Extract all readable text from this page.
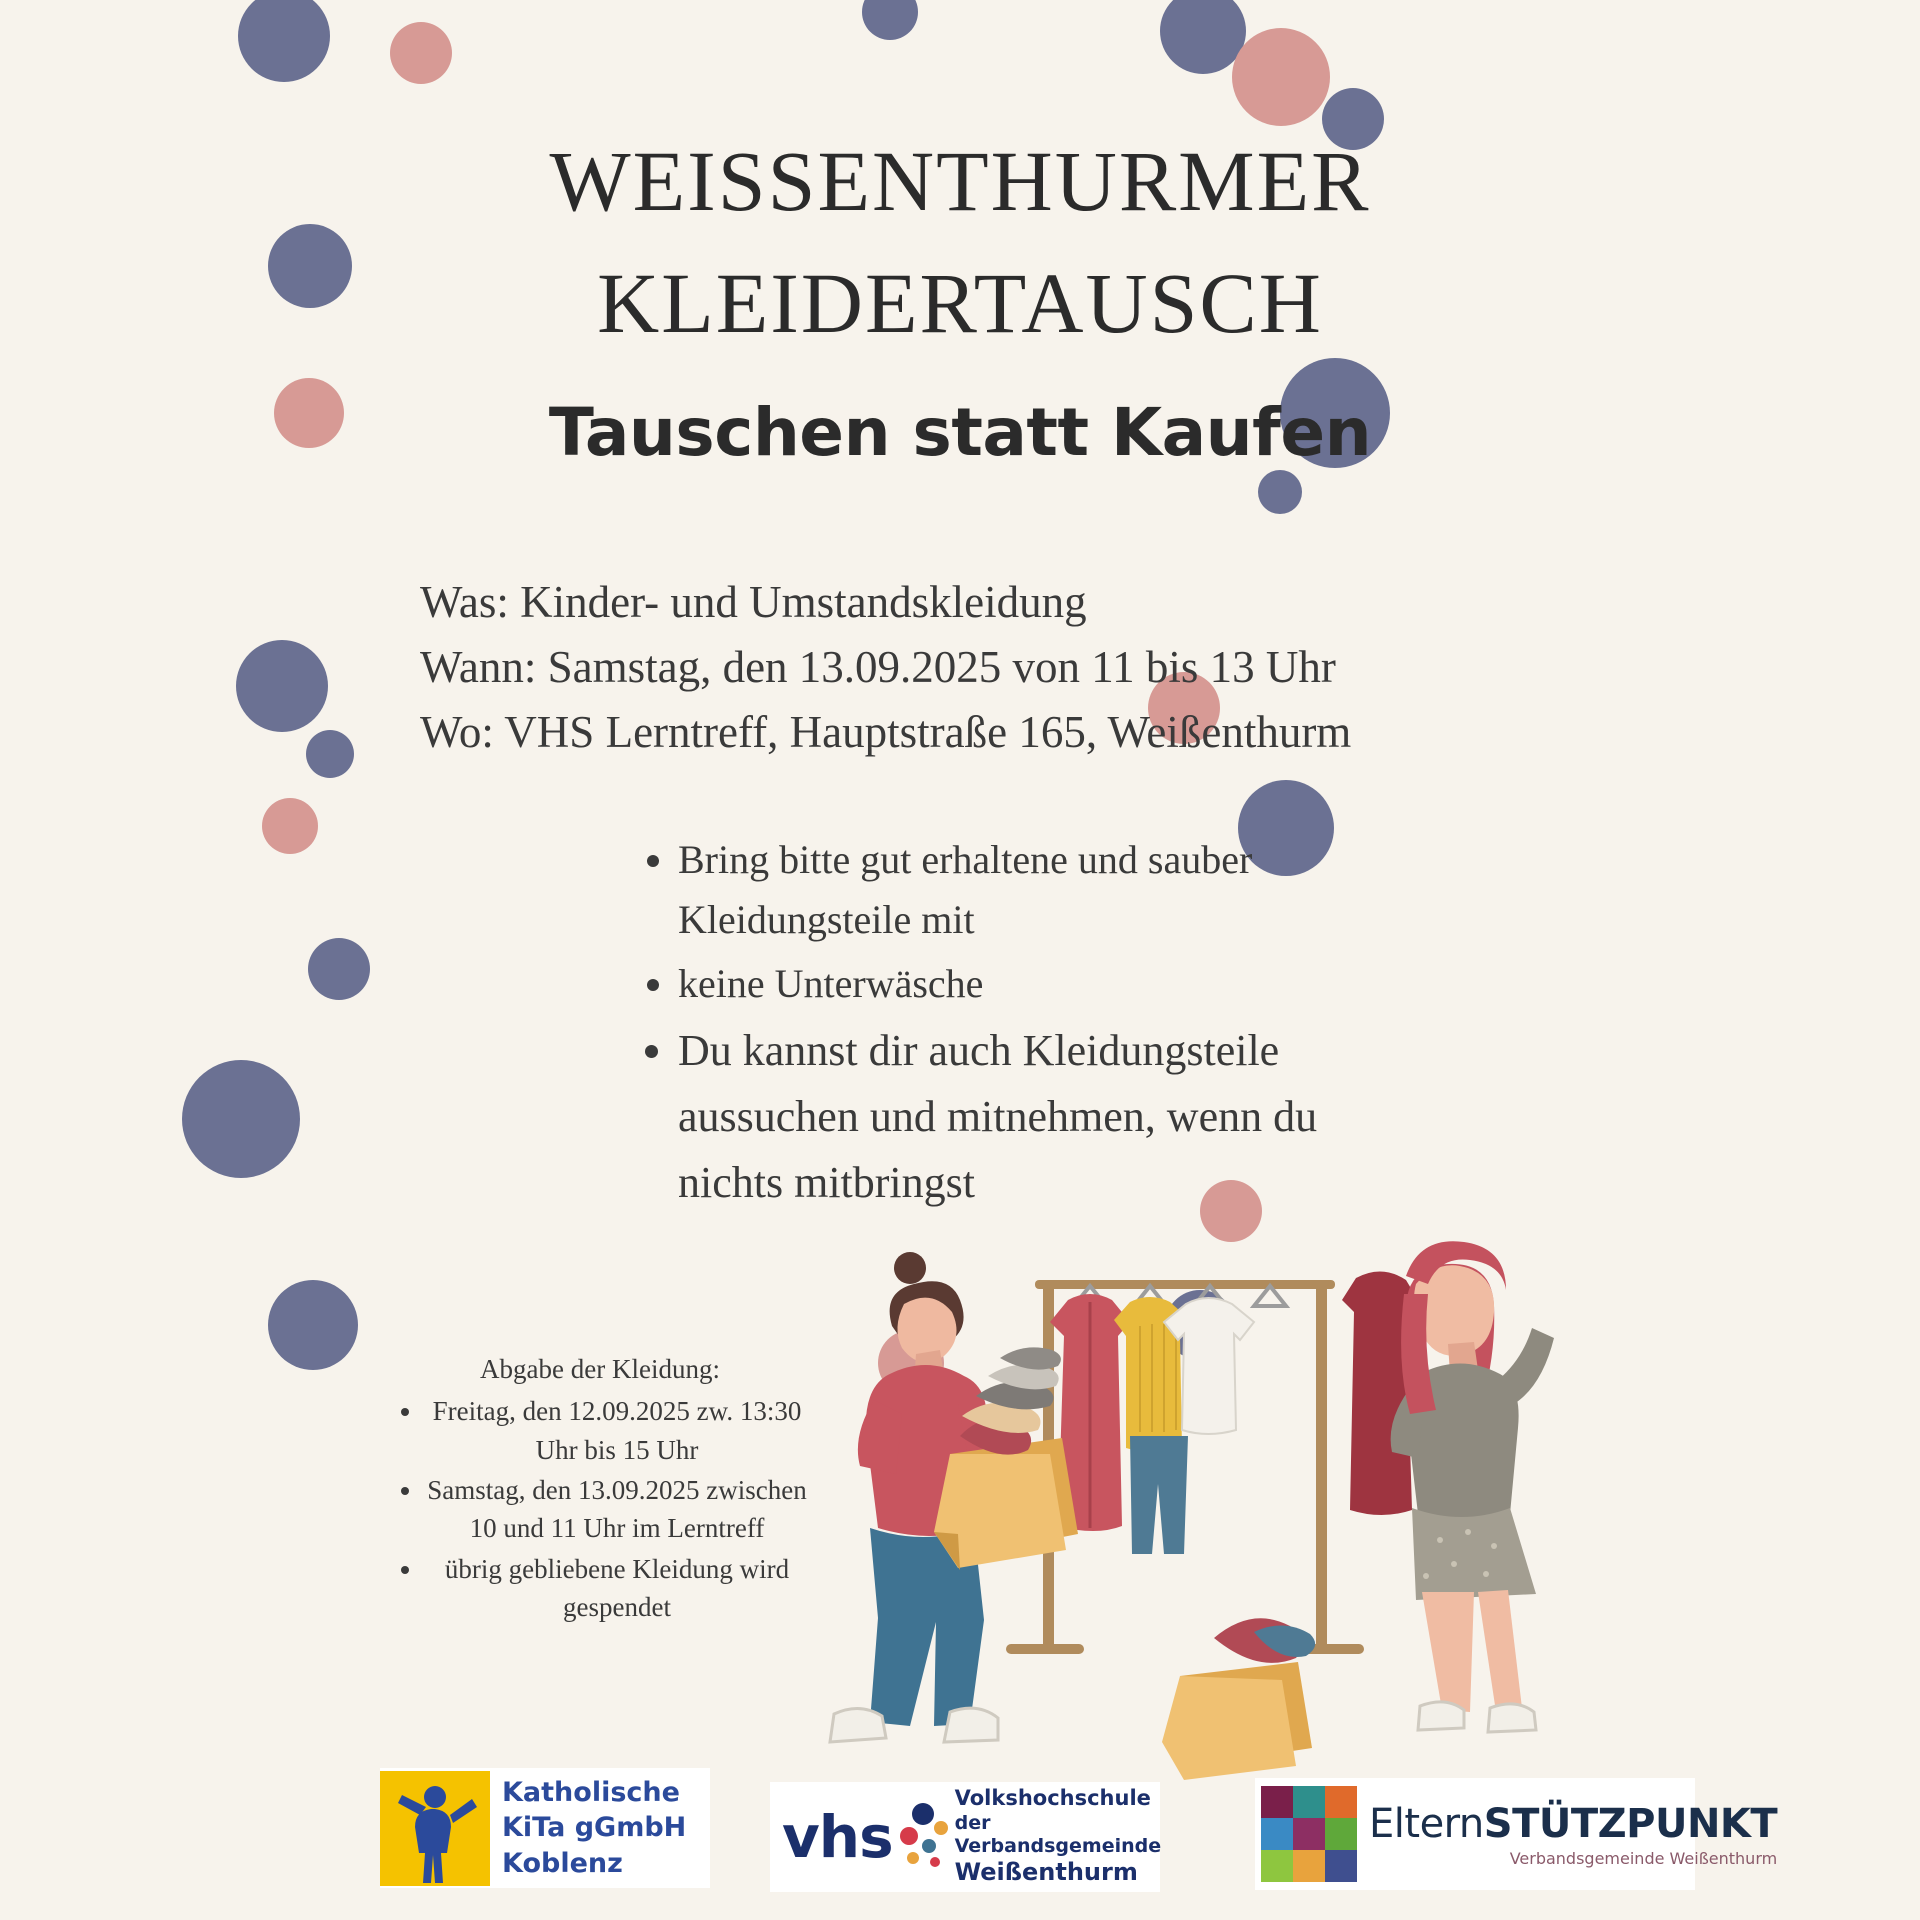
WEISSENTHURMER
KLEIDERTAUSCH
Tauschen statt Kaufen
Was: Kinder- und Umstandskleidung
Wann: Samstag, den 13.09.2025 von 11 bis 13 Uhr
Wo: VHS Lerntreff, Hauptstraße 165, Weißenthurm
• Bring bitte gut erhaltene und sauber Kleidungsteile mit
• keine Unterwäsche
• Du kannst dir auch Kleidungsteile aussuchen und mitnehmen, wenn du nichts mitbringst
Abgabe der Kleidung:
• Freitag, den 12.09.2025 zw. 13:30 Uhr bis 15 Uhr
• Samstag, den 13.09.2025 zwischen 10 und 11 Uhr im Lerntreff
• übrig gebliebene Kleidung wird gespendet
Katholische
KiTa gGmbH
Koblenz	vhs
Volkshochschule
der Verbandsgemeinde
Weißenthurm
ElternSTÜTZPUNKT
Verbandsgemeinde Weißenthurm
